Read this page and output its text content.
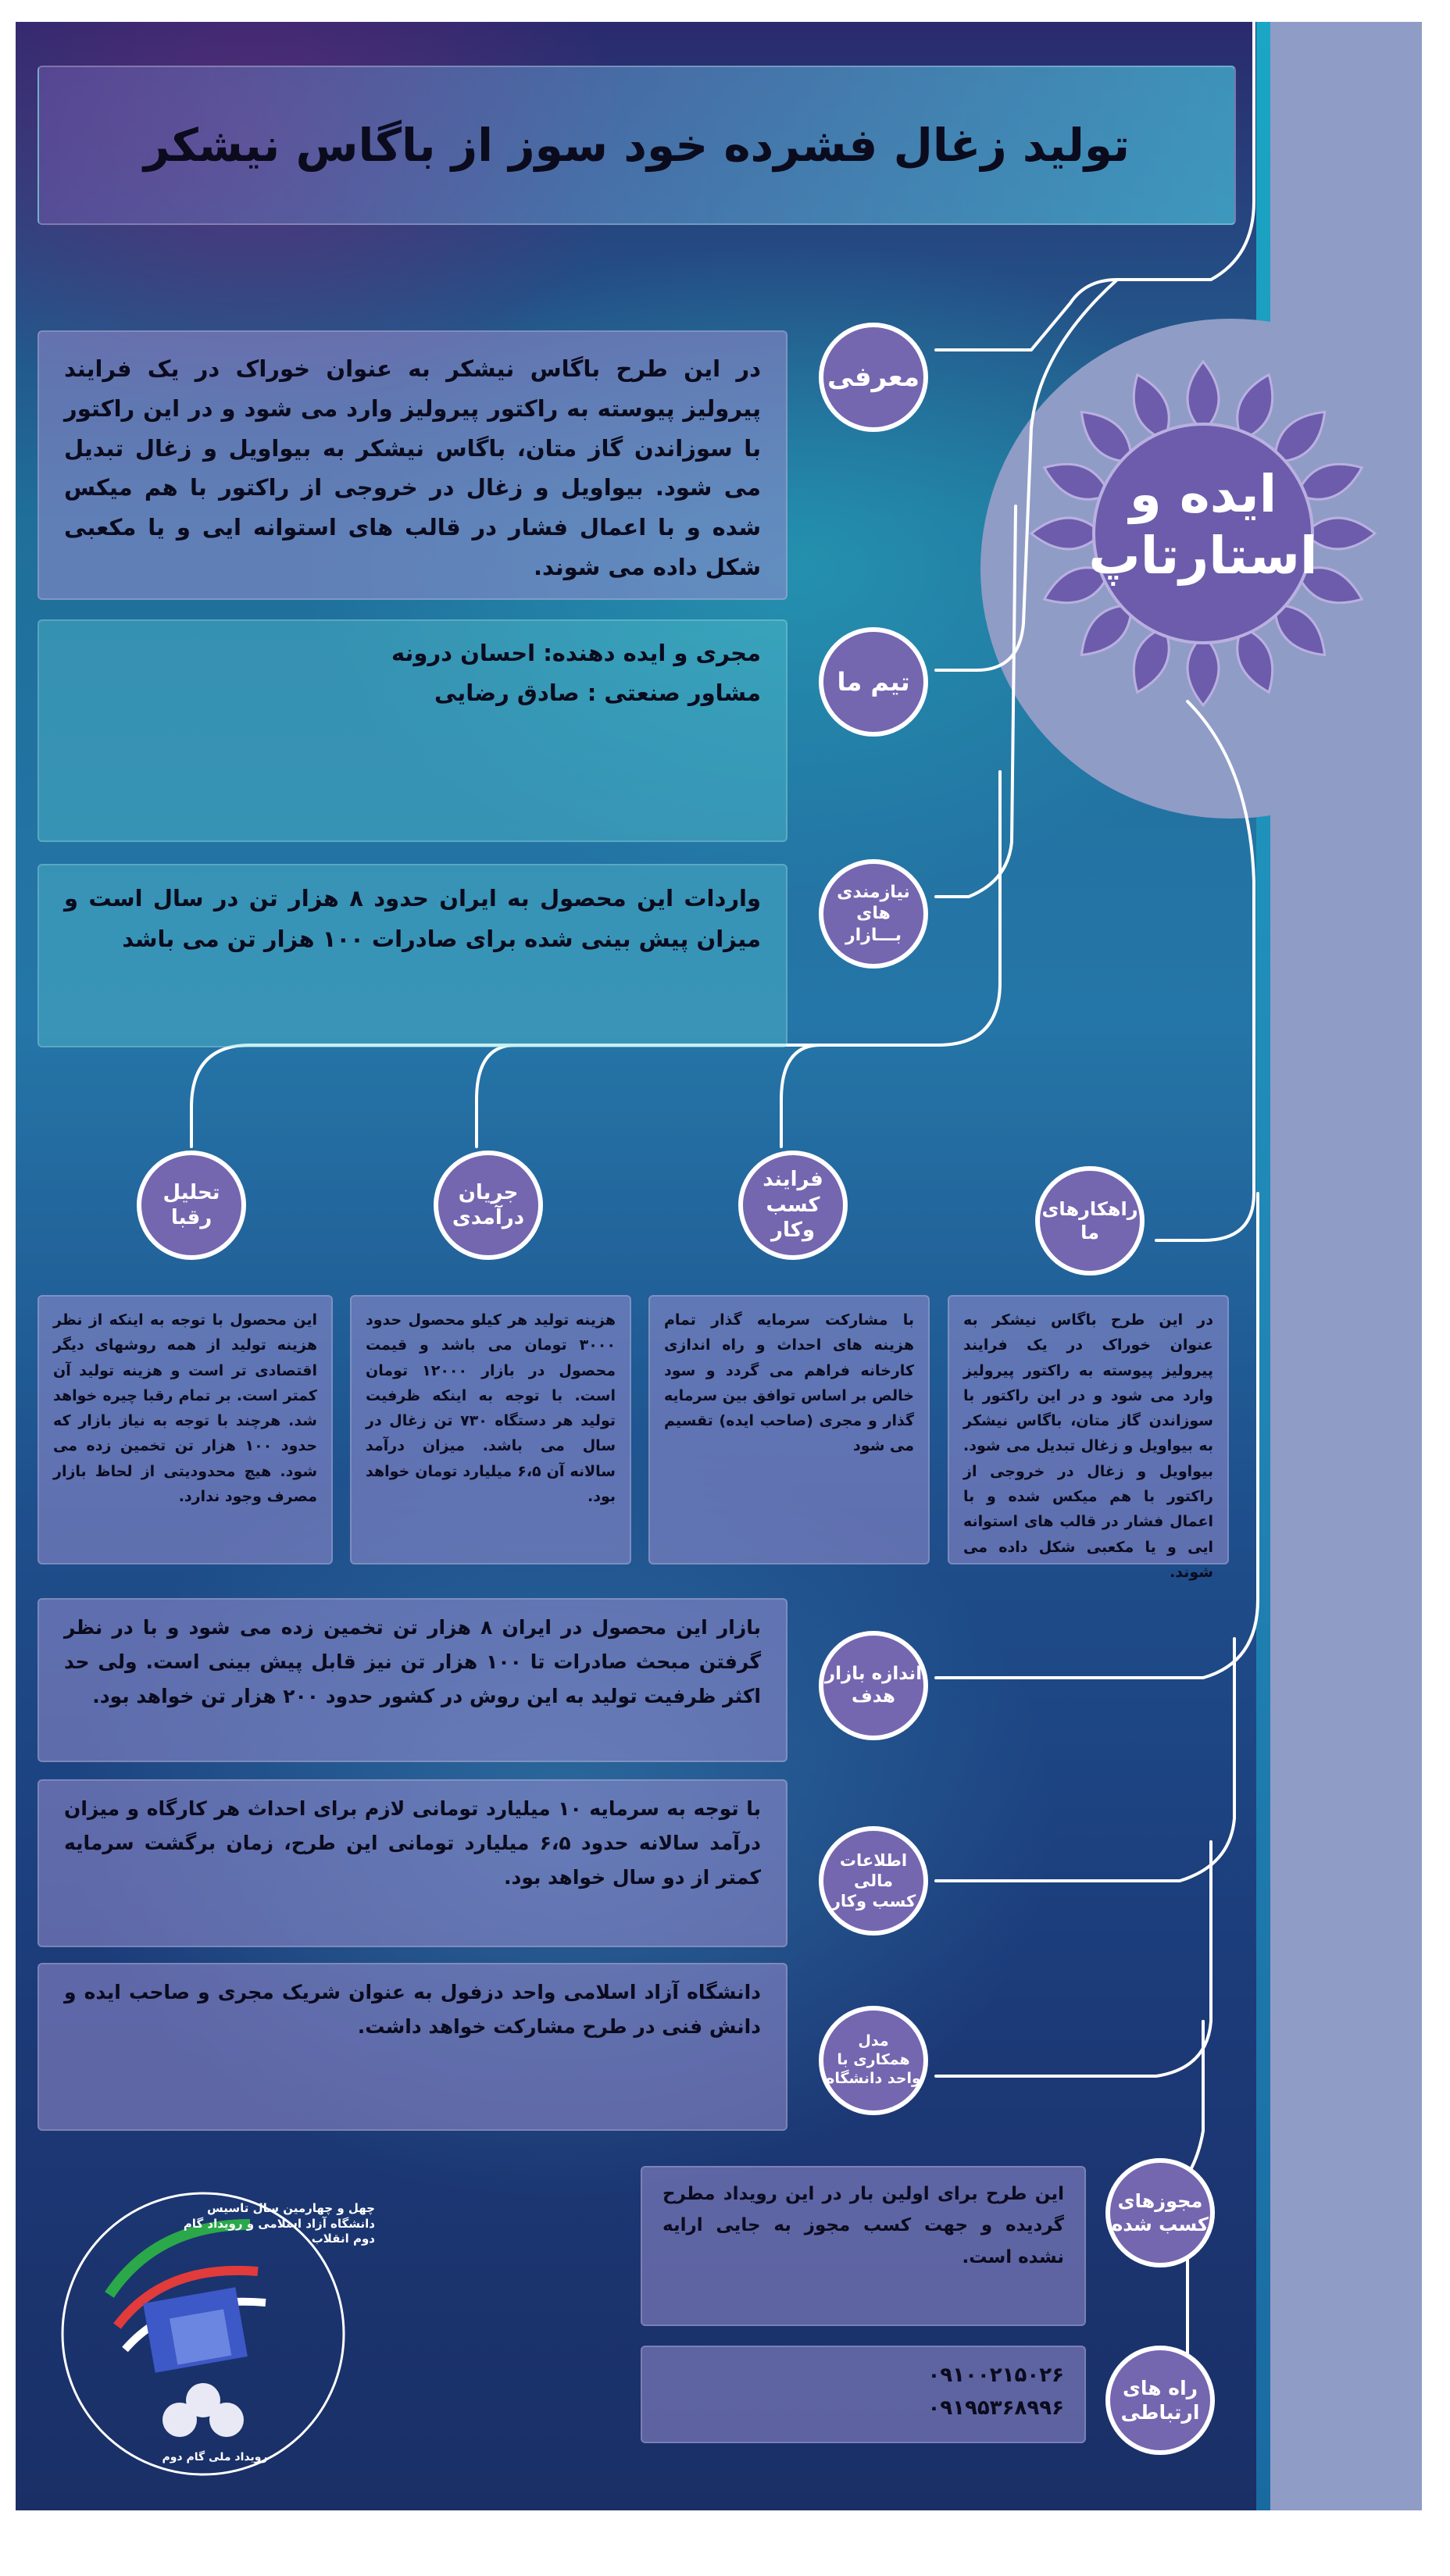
تولید زغال فشرده خود سوز از باگاس نیشکر
ایده و
استارتاپ
در این طرح باگاس نیشکر به عنوان خوراک در یک فرایند پیرولیز پیوسته به راکتور پیرولیز وارد می شود و در این راکتور با سوزاندن گاز متان، باگاس نیشکر به بیواویل و زغال تبدیل می شود. بیواویل و زغال در خروجی از راکتور با هم میکس شده و با اعمال فشار در قالب های استوانه ایی و یا مکعبی شکل داده می شوند.
معرفی
مجری و ایده دهنده: احسان درونه
مشاور صنعتی : صادق رضایی	تیم ما
واردات این محصول به ایران حدود ۸ هزار تن در سال است و میزان پیش بینی شده برای صادرات ۱۰۰ هزار تن می باشد
نیازمندی های
بـــازار
راهکارهای
ما
فرایند
کسب وکار
جریان
درآمدی
تحلیل رقبا
در این طرح باگاس نیشکر به عنوان خوراک در یک فرایند پیرولیز پیوسته به راکتور پیرولیز وارد می شود و در این راکتور با سوزاندن گاز متان، باگاس نیشکر به بیواویل و زغال تبدیل می شود. بیواویل و زغال در خروجی از راکتور با هم میکس شده و با اعمال فشار در قالب های استوانه ایی و یا مکعبی شکل داده می شوند.
با مشارکت سرمایه گذار تمام هزینه های احداث و راه اندازی کارخانه فراهم می گردد و سود خالص بر اساس توافق بین سرمایه گذار و مجری (صاحب ایده) تقسیم می شود
هزینه تولید هر کیلو محصول حدود ۳۰۰۰ تومان می باشد و قیمت محصول در بازار ۱۲۰۰۰ تومان است. با توجه به اینکه ظرفیت تولید هر دستگاه ۷۳۰ تن زغال در سال می باشد. میزان درآمد سالانه آن ۶،۵ میلیارد تومان خواهد بود.
این محصول با توجه به اینکه از نظر هزینه تولید از همه روشهای دیگر اقتصادی تر است و هزینه تولید آن کمتر است. بر تمام رقبا چیره خواهد شد. هرچند با توجه به نیاز بازار که حدود ۱۰۰ هزار تن تخمین زده می شود. هیچ محدودیتی از لحاظ بازار مصرف وجود ندارد.
بازار این محصول در ایران ۸ هزار تن تخمین زده می شود و با در نظر گرفتن مبحث صادرات تا ۱۰۰ هزار تن نیز قابل پیش بینی است. ولی حد اکثر ظرفیت تولید به این روش در کشور حدود ۲۰۰ هزار تن خواهد بود.
اندازه بازار
هدف
با توجه به سرمایه ۱۰ میلیارد تومانی لازم برای احداث هر کارگاه و میزان درآمد سالانه حدود ۶،۵ میلیارد تومانی این طرح، زمان برگشت سرمایه کمتر از دو سال خواهد بود.
اطلاعات مالی
کسب وکار
دانشگاه آزاد اسلامی واحد دزفول به عنوان شریک مجری و صاحب ایده و دانش فنی در طرح مشارکت خواهد داشت.
مدل
همکاری با
واحد دانشگاه
این طرح برای اولین بار در این رویداد مطرح گردیده و جهت کسب مجوز به جایی ارایه نشده است.
مجوزهای
کسب شده
۰۹۱۰۰۲۱۵۰۲۶
۰۹۱۹۵۳۶۸۹۹۶
راه های
ارتباطی
چهل و چهارمین سال تاسیس دانشگاه آزاد اسلامی و رویداد گام دوم انقلاب
رویداد ملی گام دوم
